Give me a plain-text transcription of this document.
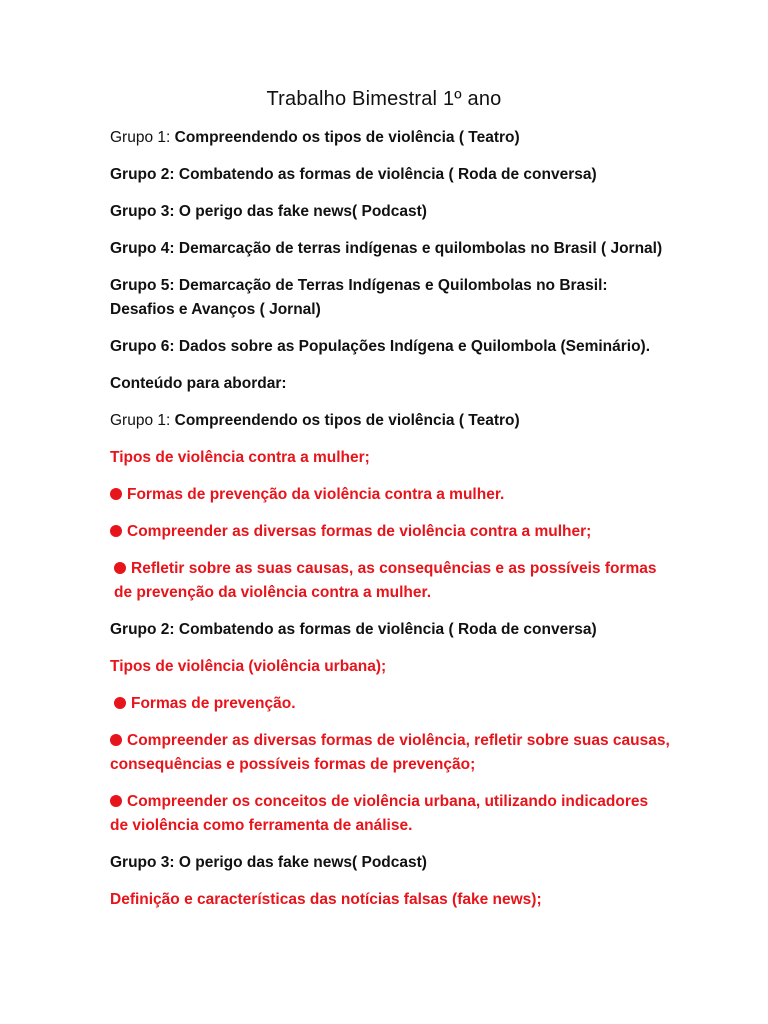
Trabalho Bimestral 1º ano

Grupo 1: Compreendendo os tipos de violência ( Teatro)

Grupo 2: Combatendo as formas de violência ( Roda de conversa)

Grupo 3: O perigo das fake news( Podcast)

Grupo 4: Demarcação de terras indígenas e quilombolas no Brasil ( Jornal)

Grupo 5: Demarcação de Terras Indígenas e Quilombolas no Brasil: Desafios e Avanços ( Jornal)

Grupo 6: Dados sobre as Populações Indígena e Quilombola (Seminário).

Conteúdo para abordar:

Grupo 1: Compreendendo os tipos de violência ( Teatro)

Tipos de violência contra a mulher;

Formas de prevenção da violência contra a mulher.

Compreender as diversas formas de violência contra a mulher;

Refletir sobre as suas causas, as consequências e as possíveis formas de prevenção da violência contra a mulher.

Grupo 2: Combatendo as formas de violência ( Roda de conversa)

Tipos de violência (violência urbana);

Formas de prevenção.

Compreender as diversas formas de violência, refletir sobre suas causas, consequências e possíveis formas de prevenção;

Compreender os conceitos de violência urbana, utilizando indicadores de violência como ferramenta de análise.

Grupo 3: O perigo das fake news( Podcast)

Definição e características das notícias falsas (fake news);
